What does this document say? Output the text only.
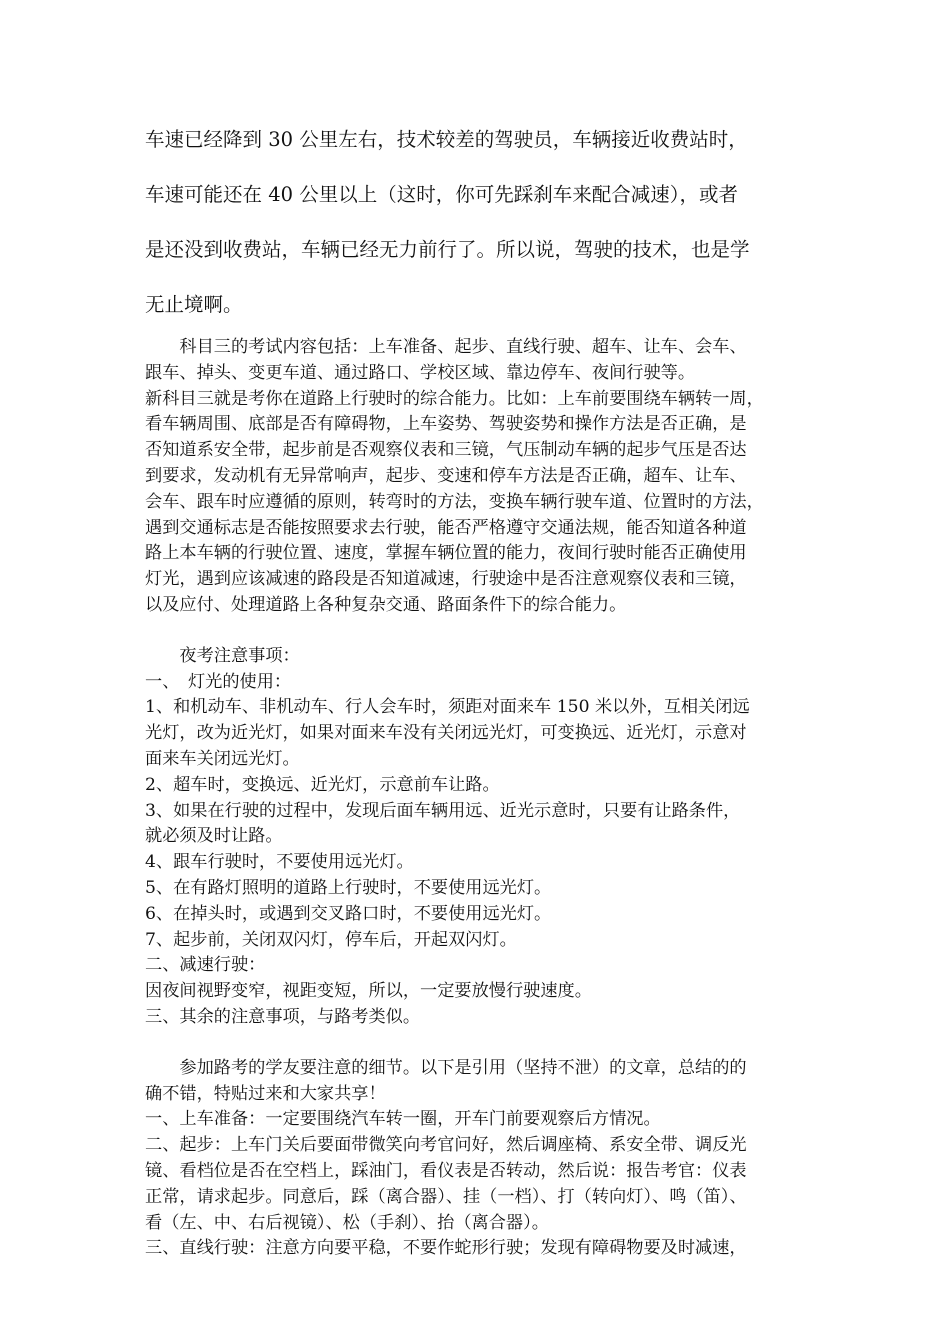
车速已经降到 30 公里左右，技术较差的驾驶员，车辆接近收费站时，
车速可能还在 40 公里以上（这时，你可先踩刹车来配合减速），或者
是还没到收费站，车辆已经无力前行了。所以说，驾驶的技术，也是学
无止境啊。
　　科目三的考试内容包括：上车准备、起步、直线行驶、超车、让车、会车、
跟车、掉头、变更车道、通过路口、学校区域、靠边停车、夜间行驶等。
新科目三就是考你在道路上行驶时的综合能力。比如：上车前要围绕车辆转一周，
看车辆周围、底部是否有障碍物，上车姿势、驾驶姿势和操作方法是否正确，是
否知道系安全带，起步前是否观察仪表和三镜，气压制动车辆的起步气压是否达
到要求，发动机有无异常响声，起步、变速和停车方法是否正确，超车、让车、
会车、跟车时应遵循的原则，转弯时的方法，变换车辆行驶车道、位置时的方法，
遇到交通标志是否能按照要求去行驶，能否严格遵守交通法规，能否知道各种道
路上本车辆的行驶位置、速度，掌握车辆位置的能力，夜间行驶时能否正确使用
灯光，遇到应该减速的路段是否知道减速，行驶途中是否注意观察仪表和三镜，
以及应付、处理道路上各种复杂交通、路面条件下的综合能力。
　　夜考注意事项：
一、　灯光的使用：
1、和机动车、非机动车、行人会车时，须距对面来车 150 米以外，互相关闭远
光灯，改为近光灯，如果对面来车没有关闭远光灯，可变换远、近光灯，示意对
面来车关闭远光灯。
2、超车时，变换远、近光灯，示意前车让路。
3、如果在行驶的过程中，发现后面车辆用远、近光示意时，只要有让路条件，
就必须及时让路。
4、跟车行驶时，不要使用远光灯。
5、在有路灯照明的道路上行驶时，不要使用远光灯。
6、在掉头时，或遇到交叉路口时，不要使用远光灯。
7、起步前，关闭双闪灯，停车后，开起双闪灯。
二、减速行驶：
因夜间视野变窄，视距变短，所以，一定要放慢行驶速度。
三、其余的注意事项，与路考类似。
　　参加路考的学友要注意的细节。以下是引用（坚持不泄）的文章，总结的的
确不错，特贴过来和大家共享！
一、上车准备：一定要围绕汽车转一圈，开车门前要观察后方情况。
二、起步：上车门关后要面带微笑向考官问好，然后调座椅、系安全带、调反光
镜、看档位是否在空档上，踩油门，看仪表是否转动，然后说：报告考官：仪表
正常，请求起步。同意后，踩（离合器）、挂（一档）、打（转向灯）、鸣（笛）、
看（左、中、右后视镜）、松（手刹）、抬（离合器）。
三、直线行驶：注意方向要平稳，不要作蛇形行驶；发现有障碍物要及时减速，
